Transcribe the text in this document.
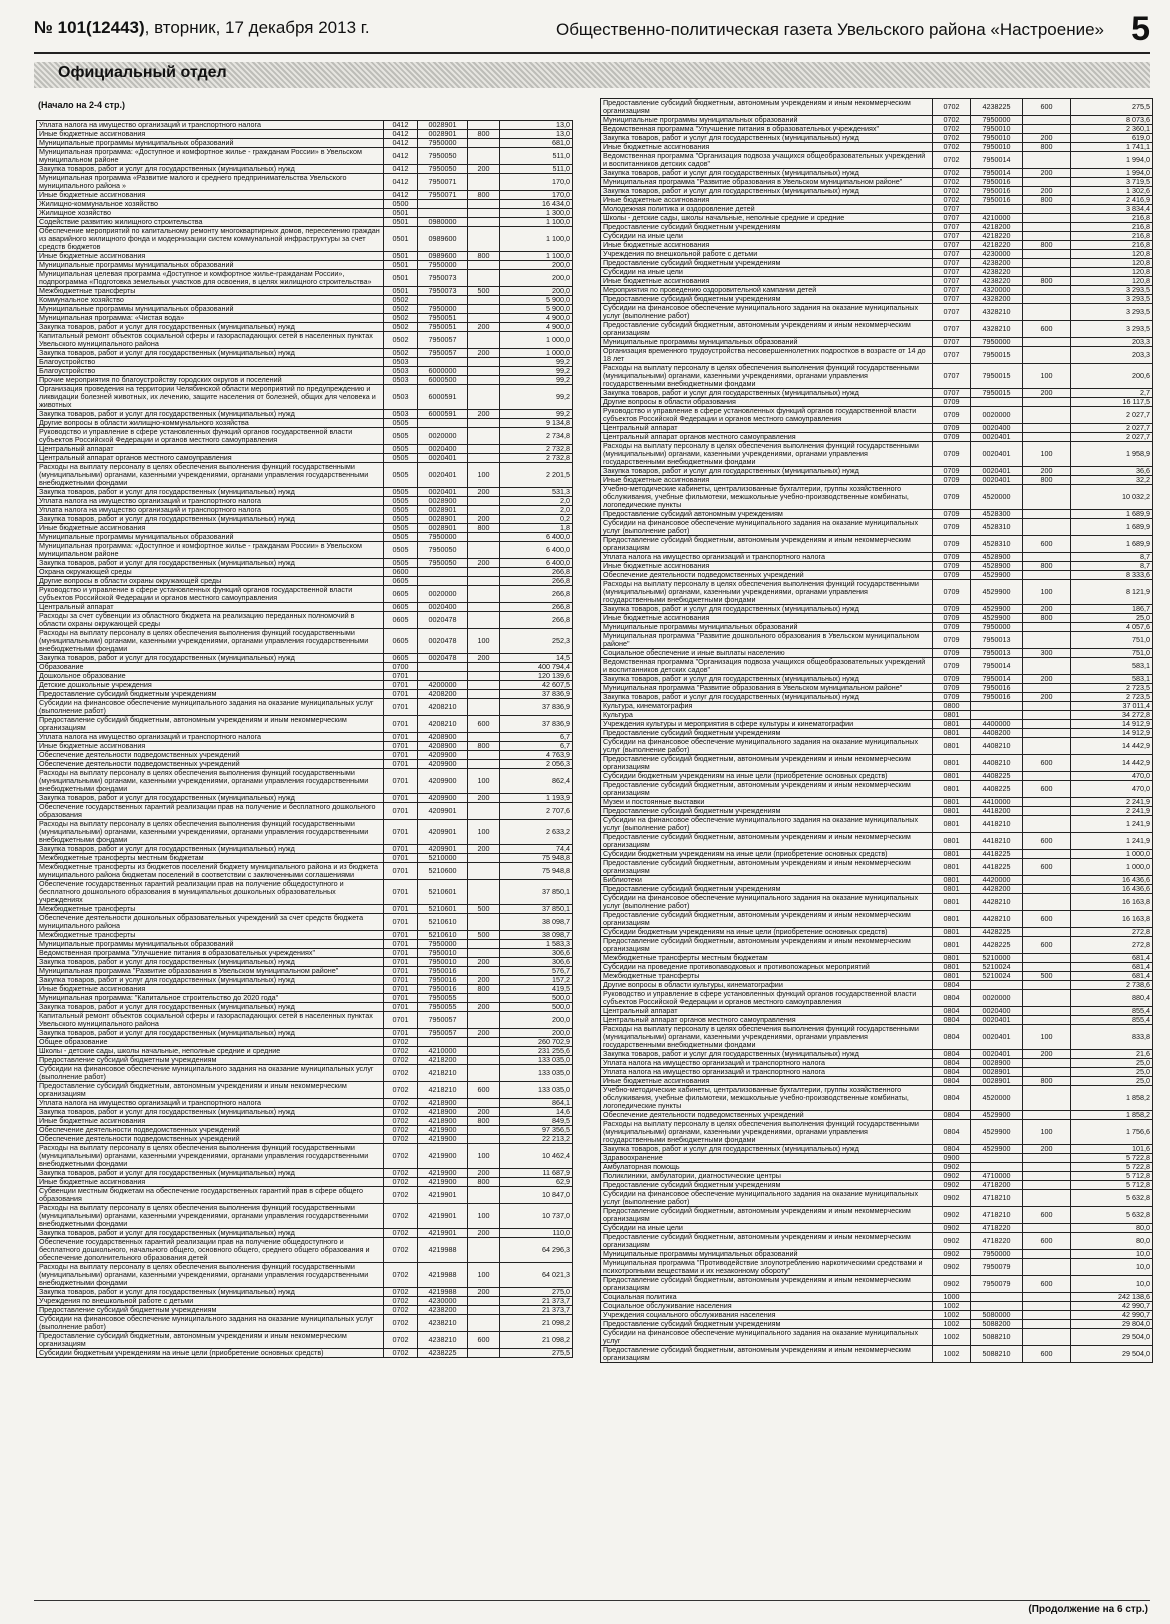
№ 101(12443), вторник, 17 декабря 2013 г.	Общественно-политическая газета Увельского района «Настроение» 5
Официальный отдел
(Начало на 2-4 стр.)
Уплата налога на имущество организаций и транспортного налога	0412	0028901		13,0
Иные бюджетные ассигнования	0412	0028901	800	13,0
Муниципальные программы муниципальных образований	0412	7950000		681,0
Муниципальная программа: «Доступное и комфортное жилье - гражданам России» в Увельском муниципальном районе	0412	7950050		511,0
Закупка товаров, работ и услуг для государственных (муниципальных) нужд	0412	7950050	200	511,0
Муниципальная программа «Развитие малого и среднего предпринимательства Увельского муниципального района »	0412	7950071		170,0
Иные бюджетные ассигнования	0412	7950071	800	170,0
Жилищно-коммунальное хозяйство	0500			16 434,0
Жилищное хозяйство	0501			1 300,0
Содействие развитию жилищного строительства	0501	0980000		1 100,0
Обеспечение мероприятий по капитальному ремонту многоквартирных домов, переселению граждан из аварийного жилищного фонда и модернизации систем коммунальной инфраструктуры за счет средств бюджетов	0501	0989600		1 100,0
Иные бюджетные ассигнования	0501	0989600	800	1 100,0
Муниципальные программы муниципальных образований	0501	7950000		200,0
Муниципальная целевая программа «Доступное и комфортное жилье-гражданам России», подпрограмма «Подготовка земельных участков для освоения, в целях жилищного строительства»	0501	7950073		200,0
Межбюджетные трансферты	0501	7950073	500	200,0
Коммунальное хозяйство	0502			5 900,0
Муниципальные программы муниципальных образований	0502	7950000		5 900,0
Муниципальная программа: «Чистая вода»	0502	7950051		4 900,0
Закупка товаров, работ и услуг для государственных (муниципальных) нужд	0502	7950051	200	4 900,0
Капитальный ремонт объектов социальной сферы и газораспадающих сетей в населенных пунктах Увельского муниципального района	0502	7950057		1 000,0
Закупка товаров, работ и услуг для государственных (муниципальных) нужд	0502	7950057	200	1 000,0
Благоустройство	0503			99,2
Благоустройство	0503	6000000		99,2
Прочие мероприятия по благоустройству городских округов и поселений	0503	6000500		99,2
Организация проведения на территории Челябинской области мероприятий по предупреждению и ликвидации болезней животных, их лечению, защите населения от болезней, общих для человека и животных	0503	6000591		99,2
Закупка товаров, работ и услуг для государственных (муниципальных) нужд	0503	6000591	200	99,2
Другие вопросы в области жилищно-коммунального хозяйства	0505			9 134,8
Руководство и управление в сфере установленных функций органов государственной власти субъектов Российской Федерации и органов местного самоуправления	0505	0020000		2 734,8
Центральный аппарат	0505	0020400		2 732,8
Центральный аппарат органов местного самоуправления	0505	0020401		2 732,8
Расходы на выплату персоналу в целях обеспечения выполнения функций государственными (муниципальными) органами, казенными учреждениями, органами управления государственными внебюджетными фондами	0505	0020401	100	2 201,5
Закупка товаров, работ и услуг для государственных (муниципальных) нужд	0505	0020401	200	531,3
Уплата налога на имущество организаций и транспортного налога	0505	0028900		2,0
Уплата налога на имущество организаций и транспортного налога	0505	0028901		2,0
Закупка товаров, работ и услуг для государственных (муниципальных) нужд	0505	0028901	200	0,2
Иные бюджетные ассигнования	0505	0028901	800	1,8
Муниципальные программы муниципальных образований	0505	7950000		6 400,0
Муниципальная программа: «Доступное и комфортное жилье - гражданам России» в Увельском муниципальном районе	0505	7950050		6 400,0
Закупка товаров, работ и услуг для государственных (муниципальных) нужд	0505	7950050	200	6 400,0
Охрана окружающей среды	0600			266,8
Другие вопросы в области охраны окружающей среды	0605			266,8
Руководство и управление в сфере установленных функций органов государственной власти субъектов Российской Федерации и органов местного самоуправления	0605	0020000		266,8
Центральный аппарат	0605	0020400		266,8
Расходы за счет субвенции из областного бюджета на реализацию переданных полномочий в области охраны окружающей среды	0605	0020478		266,8
Расходы на выплату персоналу в целях обеспечения выполнения функций государственными (муниципальными) органами, казенными учреждениями, органами управления государственными внебюджетными фондами	0605	0020478	100	252,3
Закупка товаров, работ и услуг для государственных (муниципальных) нужд	0605	0020478	200	14,5
Образование	0700			400 794,4
Дошкольное образование	0701			120 139,6
Детские дошкольные учреждения	0701	4200000		42 607,5
Предоставление субсидий бюджетным учреждениям	0701	4208200		37 836,9
Субсидии на финансовое обеспечение муниципального задания на оказание муниципальных услуг (выполнение работ)	0701	4208210		37 836,9
Предоставление субсидий бюджетным, автономным учреждениям и иным некоммерческим организациям	0701	4208210	600	37 836,9
Уплата налога на имущество организаций и транспортного налога	0701	4208900		6,7
Иные бюджетные ассигнования	0701	4208900	800	6,7
Обеспечение деятельности подведомственных учреждений	0701	4209900		4 763,9
Обеспечение деятельности подведомственных учреждений	0701	4209900		2 056,3
Расходы на выплату персоналу в целях обеспечения выполнения функций государственными (муниципальными) органами, казенными учреждениями, органами управления государственными внебюджетными фондами	0701	4209900	100	862,4
Закупка товаров, работ и услуг для государственных (муниципальных) нужд	0701	4209900	200	1 193,9
Обеспечение государственных гарантий реализации прав на получение и бесплатного дошкольного образования	0701	4209901		2 707,6
Расходы на выплату персоналу в целях обеспечения выполнения функций государственными (муниципальными) органами, казенными учреждениями, органами управления государственными внебюджетными фондами	0701	4209901	100	2 633,2
Закупка товаров, работ и услуг для государственных (муниципальных) нужд	0701	4209901	200	74,4
Межбюджетные трансферты местным бюджетам	0701	5210000		75 948,8
Межбюджетные трансферты из бюджетов поселений бюджету муниципального района и из бюджета муниципального района бюджетам поселений в соответствии с заключенными соглашениями	0701	5210600		75 948,8
Обеспечение государственных гарантий реализации прав на получение общедоступного и бесплатного дошкольного образования в муниципальных дошкольных образовательных учреждениях	0701	5210601		37 850,1
Межбюджетные трансферты	0701	5210601	500	37 850,1
Обеспечение деятельности дошкольных образовательных учреждений за счет средств бюджета муниципального района	0701	5210610		38 098,7
Межбюджетные трансферты	0701	5210610	500	38 098,7
Муниципальные программы муниципальных образований	0701	7950000		1 583,3
Ведомственная программа "Улучшение питания в образовательных учреждениях"	0701	7950010		306,6
Закупка товаров, работ и услуг для государственных (муниципальных) нужд	0701	7950010	200	306,6
Муниципальная программа "Развитие образования в Увельском муниципальном районе"	0701	7950016		576,7
Закупка товаров, работ и услуг для государственных (муниципальных) нужд	0701	7950016	200	157,2
Иные бюджетные ассигнования	0701	7950016	800	419,5
Муниципальная программа: "Капитальное строительство до 2020 года"	0701	7950055		500,0
Закупка товаров, работ и услуг для государственных (муниципальных) нужд	0701	7950055	200	500,0
Капитальный ремонт объектов социальной сферы и газораспадающих сетей в населенных пунктах Увельского муниципального района	0701	7950057		200,0
Закупка товаров, работ и услуг для государственных (муниципальных) нужд	0701	7950057	200	200,0
Общее образование	0702			260 702,9
Школы - детские сады, школы начальные, неполные средние и средние	0702	4210000		231 255,6
Предоставление субсидий бюджетным учреждениям	0702	4218200		133 035,0
Субсидии на финансовое обеспечение муниципального задания на оказание муниципальных услуг (выполнение работ)	0702	4218210		133 035,0
Предоставление субсидий бюджетным, автономным учреждениям и иным некоммерческим организациям	0702	4218210	600	133 035,0
Уплата налога на имущество организаций и транспортного налога	0702	4218900		864,1
Закупка товаров, работ и услуг для государственных (муниципальных) нужд	0702	4218900	200	14,6
Иные бюджетные ассигнования	0702	4218900	800	849,5
Обеспечение деятельности подведомственных учреждений	0702	4219900		97 356,5
Обеспечение деятельности подведомственных учреждений	0702	4219900		22 213,2
Расходы на выплату персоналу в целях обеспечения выполнения функций государственными (муниципальными) органами, казенными учреждениями, органами управления государственными внебюджетными фондами	0702	4219900	100	10 462,4
Закупка товаров, работ и услуг для государственных (муниципальных) нужд	0702	4219900	200	11 687,9
Иные бюджетные ассигнования	0702	4219900	800	62,9
Субвенции местным бюджетам на обеспечение государственных гарантий прав в сфере общего образования	0702	4219901		10 847,0
Расходы на выплату персоналу в целях обеспечения выполнения функций государственными (муниципальными) органами, казенными учреждениями, органами управления государственными внебюджетными фондами	0702	4219901	100	10 737,0
Закупка товаров, работ и услуг для государственных (муниципальных) нужд	0702	4219901	200	110,0
Обеспечение государственных гарантий реализации прав на получение общедоступного и бесплатного дошкольного, начального общего, основного общего, среднего общего образования и обеспечение дополнительного образования детей	0702	4219988		64 296,3
Расходы на выплату персоналу в целях обеспечения выполнения функций государственными (муниципальными) органами, казенными учреждениями, органами управления государственными внебюджетными фондами	0702	4219988	100	64 021,3
Закупка товаров, работ и услуг для государственных (муниципальных) нужд	0702	4219988	200	275,0
Учреждения по внешкольной работе с детьми	0702	4230000		21 373,7
Предоставление субсидий бюджетным учреждениям	0702	4238200		21 373,7
Субсидии на финансовое обеспечение муниципального задания на оказание муниципальных услуг (выполнение работ)	0702	4238210		21 098,2
Предоставление субсидий бюджетным, автономным учреждениям и иным некоммерческим организациям	0702	4238210	600	21 098,2
Субсидии бюджетным учреждениям на иные цели (приобретение основных средств)	0702	4238225		275,5
Предоставление субсидий бюджетным, автономным учреждениям и иным некоммерческим организациям	0702	4238225	600	275,5
Муниципальные программы муниципальных образований	0702	7950000		8 073,6
Ведомственная программа "Улучшение питания в образовательных учреждениях"	0702	7950010		2 360,1
Закупка товаров, работ и услуг для государственных (муниципальных) нужд	0702	7950010	200	619,0
Иные бюджетные ассигнования	0702	7950010	800	1 741,1
Ведомственная программа "Организация подвоза учащихся общеобразовательных учреждений и воспитанников детских садов"	0702	7950014		1 994,0
Закупка товаров, работ и услуг для государственных (муниципальных) нужд	0702	7950014	200	1 994,0
Муниципальная программа "Развитие образования в Увельском муниципальном районе"	0702	7950016		3 719,5
Закупка товаров, работ и услуг для государственных (муниципальных) нужд	0702	7950016	200	1 302,6
Иные бюджетные ассигнования	0702	7950016	800	2 416,9
Молодежная политика и оздоровление детей	0707			3 834,4
Школы - детские сады, школы начальные, неполные средние и средние	0707	4210000		216,8
Предоставление субсидий бюджетным учреждениям	0707	4218200		216,8
Субсидии на иные цели	0707	4218220		216,8
Иные бюджетные ассигнования	0707	4218220	800	216,8
Учреждения по внешкольной работе с детьми	0707	4230000		120,8
Предоставление субсидий бюджетным учреждениям	0707	4238200		120,8
Субсидии на иные цели	0707	4238220		120,8
Иные бюджетные ассигнования	0707	4238220	800	120,8
Мероприятия по проведению оздоровительной кампании детей	0707	4320000		3 293,5
Предоставление субсидий бюджетным учреждениям	0707	4328200		3 293,5
Субсидии на финансовое обеспечение муниципального задания на оказание муниципальных услуг (выполнение работ)	0707	4328210		3 293,5
Предоставление субсидий бюджетным, автономным учреждениям и иным некоммерческим организациям	0707	4328210	600	3 293,5
Муниципальные программы муниципальных образований	0707	7950000		203,3
Организация временного трудоустройства несовершеннолетних подростков в возрасте от 14 до 18 лет	0707	7950015		203,3
Расходы на выплату персоналу в целях обеспечения выполнения функций государственными (муниципальными) органами, казенными учреждениями, органами управления государственными внебюджетными фондами	0707	7950015	100	200,6
Закупка товаров, работ и услуг для государственных (муниципальных) нужд	0707	7950015	200	2,7
Другие вопросы в области образования	0709			16 117,5
Руководство и управление в сфере установленных функций органов государственной власти субъектов Российской Федерации и органов местного самоуправления	0709	0020000		2 027,7
Центральный аппарат	0709	0020400		2 027,7
Центральный аппарат органов местного самоуправления	0709	0020401		2 027,7
Расходы на выплату персоналу в целях обеспечения выполнения функций государственными (муниципальными) органами, казенными учреждениями, органами управления государственными внебюджетными фондами	0709	0020401	100	1 958,9
Закупка товаров, работ и услуг для государственных (муниципальных) нужд	0709	0020401	200	36,6
Иные бюджетные ассигнования	0709	0020401	800	32,2
Учебно-методические кабинеты, централизованные бухгалтерии, группы хозяйственного обслуживания, учебные фильмотеки, межшкольные учебно-производственные комбинаты, логопедические пункты	0709	4520000		10 032,2
Предоставление субсидий автономным учреждениям	0709	4528300		1 689,9
Субсидии на финансовое обеспечение муниципального задания на оказание муниципальных услуг (выполнение работ)	0709	4528310		1 689,9
Предоставление субсидий бюджетным, автономным учреждениям и иным некоммерческим организациям	0709	4528310	600	1 689,9
Уплата налога на имущество организаций и транспортного налога	0709	4528900		8,7
Иные бюджетные ассигнования	0709	4528900	800	8,7
Обеспечение деятельности подведомственных учреждений	0709	4529900		8 333,6
Расходы на выплату персоналу в целях обеспечения выполнения функций государственными (муниципальными) органами, казенными учреждениями, органами управления государственными внебюджетными фондами	0709	4529900	100	8 121,9
Закупка товаров, работ и услуг для государственных (муниципальных) нужд	0709	4529900	200	186,7
Иные бюджетные ассигнования	0709	4529900	800	25,0
Муниципальные программы муниципальных образований	0709	7950000		4 057,6
Муниципальная программа "Развитие дошкольного образования в Увельском муниципальном районе"	0709	7950013		751,0
Социальное обеспечение и иные выплаты населению	0709	7950013	300	751,0
Ведомственная программа "Организация подвоза учащихся общеобразовательных учреждений и воспитанников детских садов"	0709	7950014		583,1
Закупка товаров, работ и услуг для государственных (муниципальных) нужд	0709	7950014	200	583,1
Муниципальная программа "Развитие образования в Увельском муниципальном районе"	0709	7950016		2 723,5
Закупка товаров, работ и услуг для государственных (муниципальных) нужд	0709	7950016	200	2 723,5
Культура, кинематография	0800			37 011,4
Культура	0801			34 272,8
Учреждения культуры и мероприятия в сфере культуры и кинематографии	0801	4400000		14 912,9
Предоставление субсидий бюджетным учреждениям	0801	4408200		14 912,9
Субсидии на финансовое обеспечение муниципального задания на оказание муниципальных услуг (выполнение работ)	0801	4408210		14 442,9
Предоставление субсидий бюджетным, автономным учреждениям и иным некоммерческим организациям	0801	4408210	600	14 442,9
Субсидии бюджетным учреждениям на иные цели (приобретение основных средств)	0801	4408225		470,0
Предоставление субсидий бюджетным, автономным учреждениям и иным некоммерческим организациям	0801	4408225	600	470,0
Музеи и постоянные выставки	0801	4410000		2 241,9
Предоставление субсидий бюджетным учреждениям	0801	4418200		2 241,9
Субсидии на финансовое обеспечение муниципального задания на оказание муниципальных услуг (выполнение работ)	0801	4418210		1 241,9
Предоставление субсидий бюджетным, автономным учреждениям и иным некоммерческим организациям	0801	4418210	600	1 241,9
Субсидии бюджетным учреждениям на иные цели (приобретение основных средств)	0801	4418225		1 000,0
Предоставление субсидий бюджетным, автономным учреждениям и иным некоммерческим организациям	0801	4418225	600	1 000,0
Библиотеки	0801	4420000		16 436,6
Предоставление субсидий бюджетным учреждениям	0801	4428200		16 436,6
Субсидии на финансовое обеспечение муниципального задания на оказание муниципальных услуг (выполнение работ)	0801	4428210		16 163,8
Предоставление субсидий бюджетным, автономным учреждениям и иным некоммерческим организациям	0801	4428210	600	16 163,8
Субсидии бюджетным учреждениям на иные цели (приобретение основных средств)	0801	4428225		272,8
Предоставление субсидий бюджетным, автономным учреждениям и иным некоммерческим организациям	0801	4428225	600	272,8
Межбюджетные трансферты местным бюджетам	0801	5210000		681,4
Субсидии на проведение противопаводковых и противопожарных мероприятий	0801	5210024		681,4
Межбюджетные трансферты	0801	5210024	500	681,4
Другие вопросы в области культуры, кинематографии	0804			2 738,6
Руководство и управление в сфере установленных функций органов государственной власти субъектов Российской Федерации и органов местного самоуправления	0804	0020000		880,4
Центральный аппарат	0804	0020400		855,4
Центральный аппарат органов местного самоуправления	0804	0020401		855,4
Расходы на выплату персоналу в целях обеспечения выполнения функций государственными (муниципальными) органами, казенными учреждениями, органами управления государственными внебюджетными фондами	0804	0020401	100	833,8
Закупка товаров, работ и услуг для государственных (муниципальных) нужд	0804	0020401	200	21,6
Уплата налога на имущество организаций и транспортного налога	0804	0028900		25,0
Уплата налога на имущество организаций и транспортного налога	0804	0028901		25,0
Иные бюджетные ассигнования	0804	0028901	800	25,0
Учебно-методические кабинеты, централизованные бухгалтерии, группы хозяйственного обслуживания, учебные фильмотеки, межшкольные учебно-производственные комбинаты, логопедические пункты	0804	4520000		1 858,2
Обеспечение деятельности подведомственных учреждений	0804	4529900		1 858,2
Расходы на выплату персоналу в целях обеспечения выполнения функций государственными (муниципальными) органами, казенными учреждениями, органами управления государственными внебюджетными фондами	0804	4529900	100	1 756,6
Закупка товаров, работ и услуг для государственных (муниципальных) нужд	0804	4529900	200	101,6
Здравоохранение	0900			5 722,8
Амбулаторная помощь	0902			5 722,8
Поликлиники, амбулатории, диагностические центры	0902	4710000		5 712,8
Предоставление субсидий бюджетным учреждениям	0902	4718200		5 712,8
Субсидии на финансовое обеспечение муниципального задания на оказание муниципальных услуг (выполнение работ)	0902	4718210		5 632,8
Предоставление субсидий бюджетным, автономным учреждениям и иным некоммерческим организациям	0902	4718210	600	5 632,8
Субсидии на иные цели	0902	4718220		80,0
Предоставление субсидий бюджетным, автономным учреждениям и иным некоммерческим организациям	0902	4718220	600	80,0
Муниципальные программы муниципальных образований	0902	7950000		10,0
Муниципальная программа "Противодействие злоупотреблению наркотическими средствами и психотропными веществами и их незаконному обороту"	0902	7950079		10,0
Предоставление субсидий бюджетным, автономным учреждениям и иным некоммерческим организациям	0902	7950079	600	10,0
Социальная политика	1000			242 138,6
Социальное обслуживание населения	1002			42 990,7
Учреждения социального обслуживания населения	1002	5080000		42 990,7
Предоставление субсидий бюджетным учреждениям	1002	5088200		29 804,0
Субсидии на финансовое обеспечение муниципального задания на оказание муниципальных услуг	1002	5088210		29 504,0
Предоставление субсидий бюджетным, автономным учреждениям и иным некоммерческим организациям	1002	5088210	600	29 504,0
(Продолжение на 6 стр.)
